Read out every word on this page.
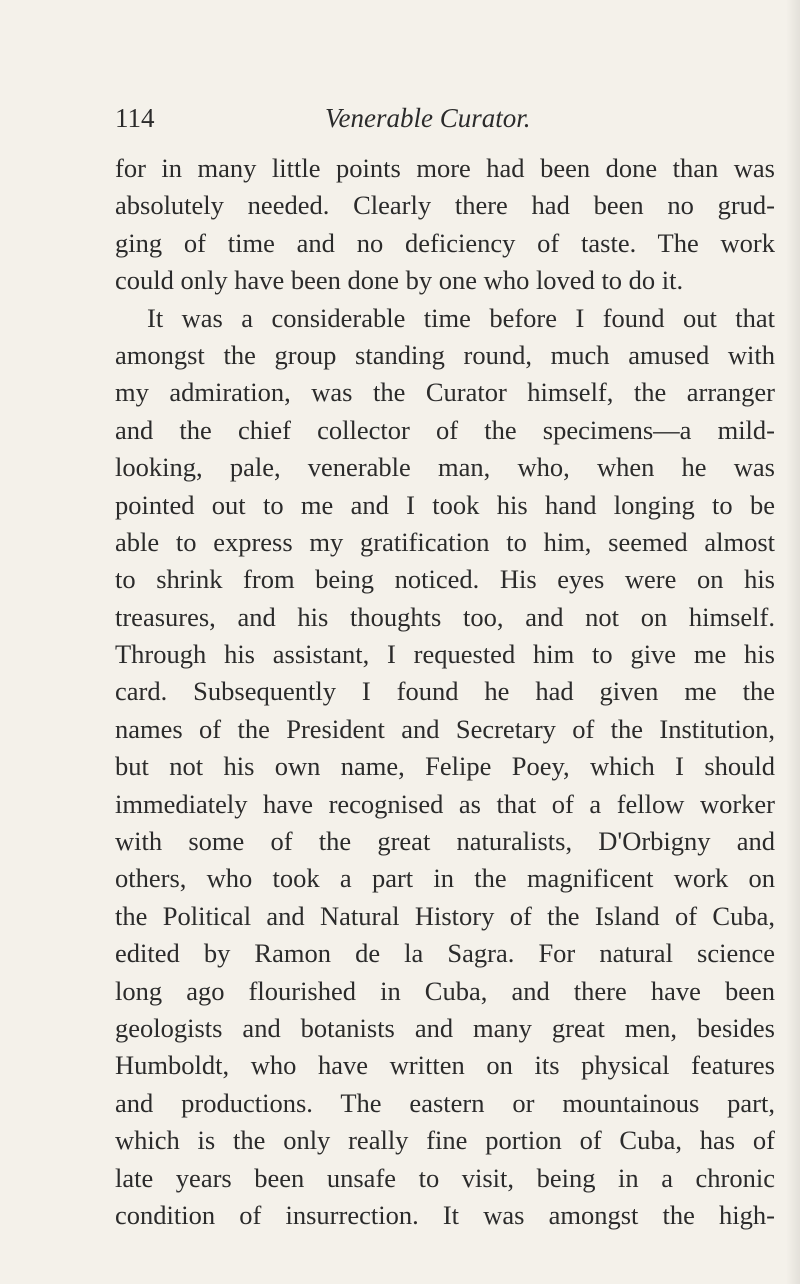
114	Venerable Curator.
for in many little points more had been done than was
absolutely needed. Clearly there had been no grud-
ging of time and no deficiency of taste. The work
could only have been done by one who loved to do it.
It was a considerable time before I found out that
amongst the group standing round, much amused with
my admiration, was the Curator himself, the arranger
and the chief collector of the specimens—a mild-
looking, pale, venerable man, who, when he was
pointed out to me and I took his hand longing to be
able to express my gratification to him, seemed almost
to shrink from being noticed. His eyes were on his
treasures, and his thoughts too, and not on himself.
Through his assistant, I requested him to give me his
card. Subsequently I found he had given me the
names of the President and Secretary of the Institution,
but not his own name, Felipe Poey, which I should
immediately have recognised as that of a fellow worker
with some of the great naturalists, D'Orbigny and
others, who took a part in the magnificent work on
the Political and Natural History of the Island of Cuba,
edited by Ramon de la Sagra. For natural science
long ago flourished in Cuba, and there have been
geologists and botanists and many great men, besides
Humboldt, who have written on its physical features
and productions. The eastern or mountainous part,
which is the only really fine portion of Cuba, has of
late years been unsafe to visit, being in a chronic
condition of insurrection. It was amongst the high-
